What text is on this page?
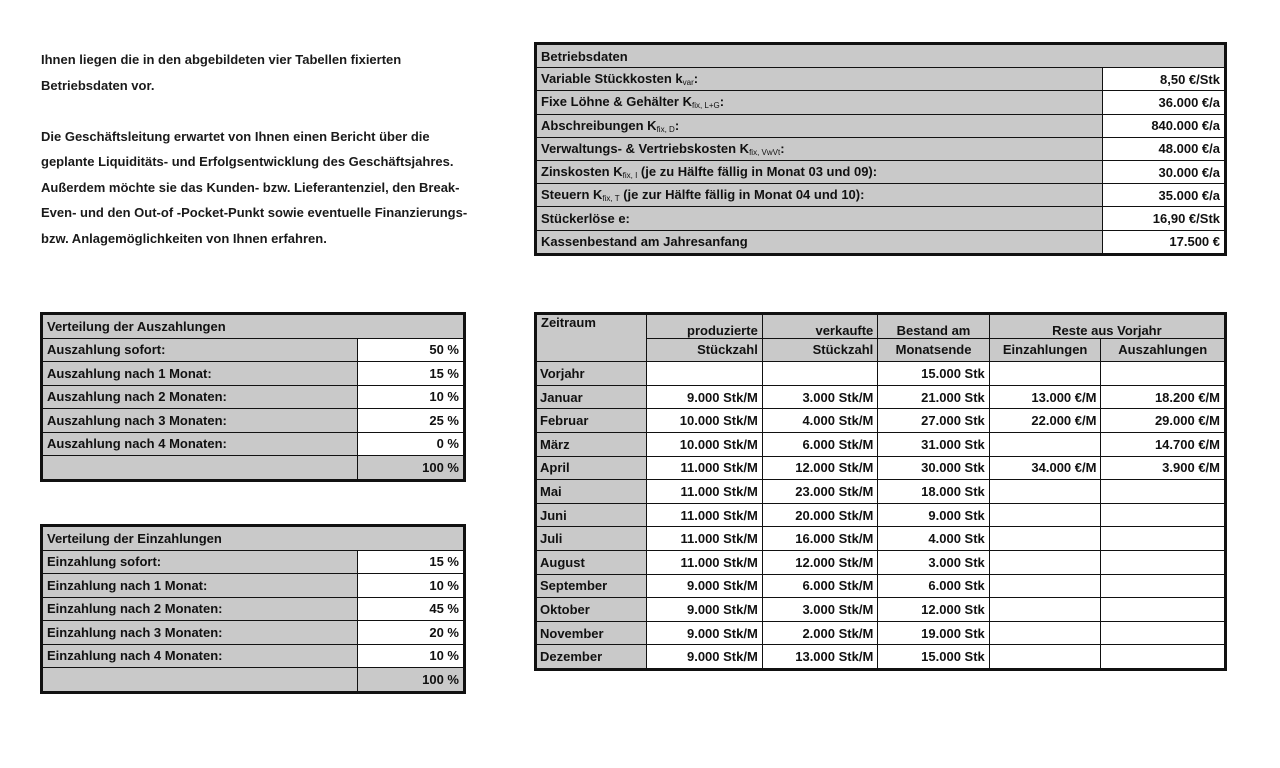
Ihnen liegen die in den abgebildeten vier Tabellen fixierten Betriebsdaten vor.

Die Geschäftsleitung erwartet von Ihnen einen Bericht über die geplante Liquiditäts- und Erfolgsentwicklung des Geschäftsjahres. Außerdem möchte sie das Kunden- bzw. Lieferantenziel, den Break-Even- und den Out-of -Pocket-Punkt sowie eventuelle Finanzierungs- bzw. Anlagemöglichkeiten von Ihnen erfahren.

Verteilung der Auszahlungen	
Auszahlung sofort:	50 %
Auszahlung nach 1 Monat:	15 %
Auszahlung nach 2 Monaten:	10 %
Auszahlung nach 3 Monaten:	25 %
Auszahlung nach 4 Monaten:	0 %
	100 %
Verteilung der Einzahlungen	
Einzahlung sofort:	15 %
Einzahlung nach 1 Monat:	10 %
Einzahlung nach 2 Monaten:	45 %
Einzahlung nach 3 Monaten:	20 %
Einzahlung nach 4 Monaten:	10 %
	100 %
Betriebsdaten	
Variable Stückkosten $k_{var}$:	8,50 €/Stk
Fixe Löhne & Gehälter $K_{fix, L+G}$:	36.000 €/a
Abschreibungen $K_{fix, D}$:	840.000 €/a
Verwaltungs- & Vertriebskosten $K_{fix, VwVt}$:	48.000 €/a
Zinskosten $K_{fix, I}$ (je zu Hälfte fällig in Monat 03 und 09):	30.000 €/a
Steuern $K_{fix, T}$ (je zur Hälfte fällig in Monat 04 und 10):	35.000 €/a
Stückerlöse e:	16,90 €/Stk
Kassenbestand am Jahresanfang	17.500 €
Zeitraum	produzierte	verkaufte	Bestand am	Reste aus Vorjahr	
	Stückzahl	Stückzahl	Monatsende	Einzahlungen	Auszahlungen
Vorjahr			15.000 Stk		
Januar	9.000 Stk/M	3.000 Stk/M	21.000 Stk	13.000 €/M	18.200 €/M
Februar	10.000 Stk/M	4.000 Stk/M	27.000 Stk	22.000 €/M	29.000 €/M
März	10.000 Stk/M	6.000 Stk/M	31.000 Stk		14.700 €/M
April	11.000 Stk/M	12.000 Stk/M	30.000 Stk	34.000 €/M	3.900 €/M
Mai	11.000 Stk/M	23.000 Stk/M	18.000 Stk		
Juni	11.000 Stk/M	20.000 Stk/M	9.000 Stk		
Juli	11.000 Stk/M	16.000 Stk/M	4.000 Stk		
August	11.000 Stk/M	12.000 Stk/M	3.000 Stk		
September	9.000 Stk/M	6.000 Stk/M	6.000 Stk		
Oktober	9.000 Stk/M	3.000 Stk/M	12.000 Stk		
November	9.000 Stk/M	2.000 Stk/M	19.000 Stk		
Dezember	9.000 Stk/M	13.000 Stk/M	15.000 Stk		
